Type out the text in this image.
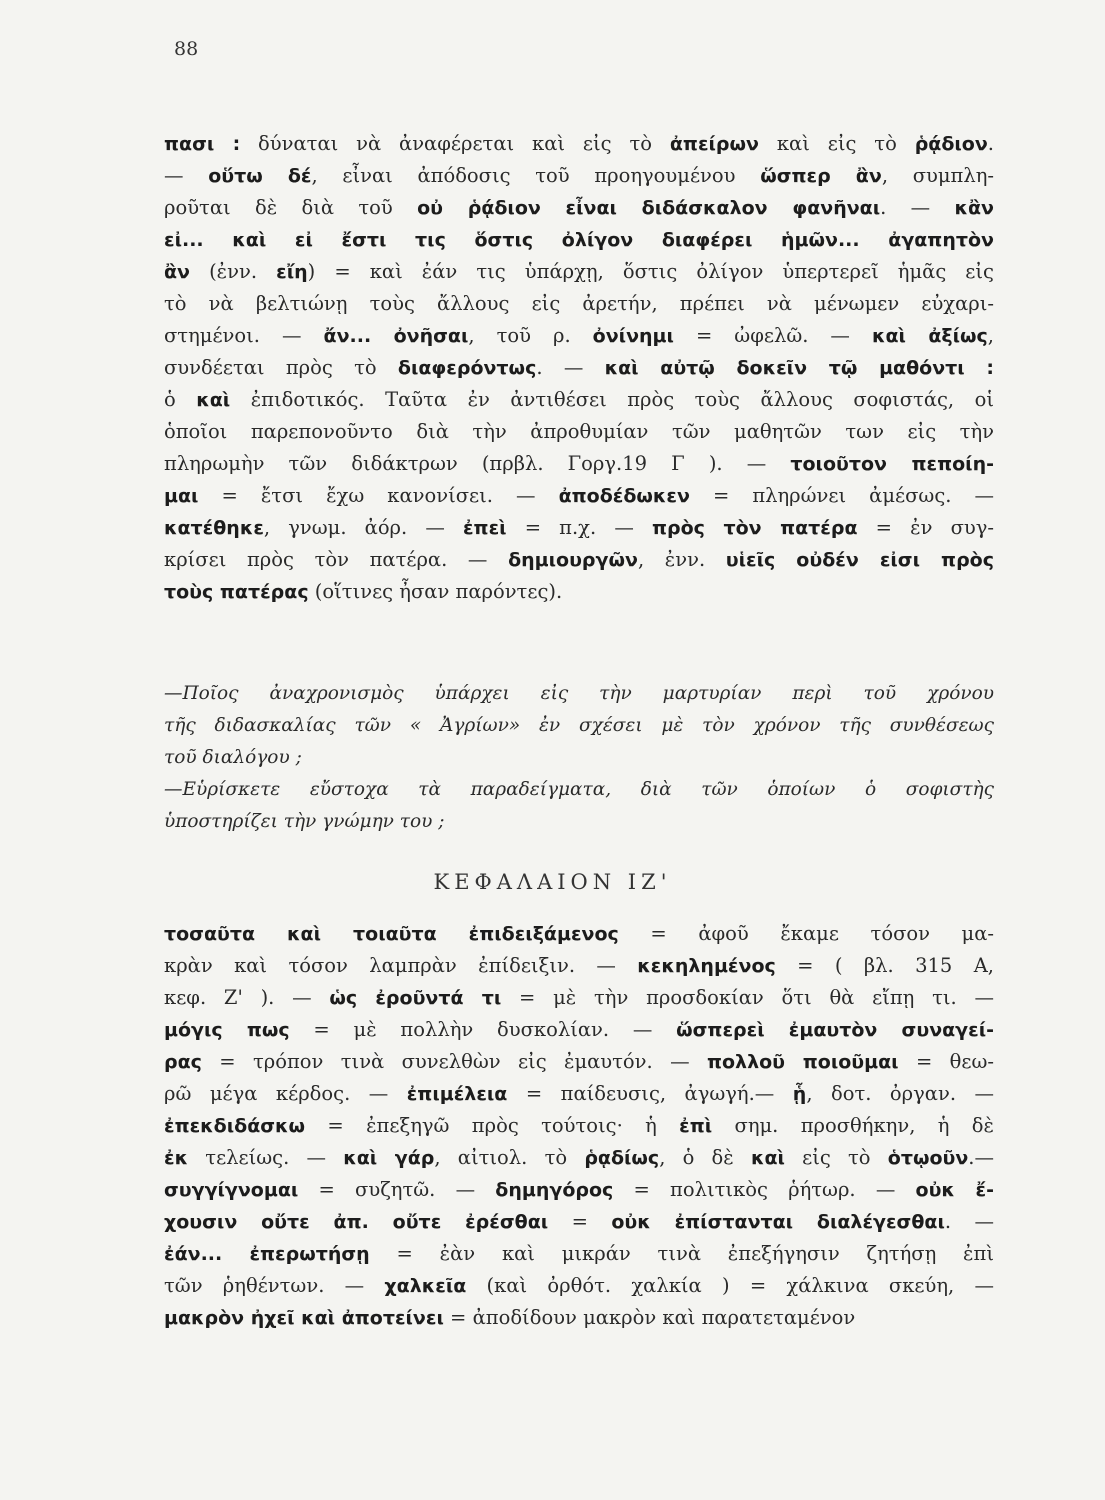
88
πασι : δύναται νὰ ἀναφέρεται καὶ εἰς τὸ ἀπείρων καὶ εἰς τὸ ῥᾴδιον.
— οὕτω δέ, εἶναι ἀπόδοσις τοῦ προηγουμένου ὥσπερ ἂν, συμπλη-
ροῦται δὲ διὰ τοῦ οὐ ῥᾴδιον εἶναι διδάσκαλον φανῆναι. — κἂν
εἰ... καὶ εἰ ἔστι τις ὅστις ὀλίγον διαφέρει ἡμῶν... ἀγαπητὸν
ἂν (ἐνν. εἴη) = καὶ ἐάν τις ὑπάρχῃ, ὅστις ὀλίγον ὑπερτερεῖ ἡμᾶς εἰς
τὸ νὰ βελτιώνῃ τοὺς ἄλλους εἰς ἀρετήν, πρέπει νὰ μένωμεν εὐχαρι-
στημένοι. — ἄν... ὀνῆσαι, τοῦ ρ. ὀνίνημι = ὠφελῶ. — καὶ ἀξίως,
συνδέεται πρὸς τὸ διαφερόντως. — καὶ αὐτῷ δοκεῖν τῷ μαθόντι :
ὁ καὶ ἐπιδοτικός. Ταῦτα ἐν ἀντιθέσει πρὸς τοὺς ἄλλους σοφιστάς, οἱ
ὁποῖοι παρεπονοῦντο διὰ τὴν ἀπροθυμίαν τῶν μαθητῶν των εἰς τὴν
πληρωμὴν τῶν διδάκτρων (πρβλ. Γοργ.19 Γ ). — τοιοῦτον πεποίη-
μαι = ἔτσι ἔχω κανονίσει. — ἀποδέδωκεν = πληρώνει ἀμέσως. —
κατέθηκε, γνωμ. ἀόρ. — ἐπεὶ = π.χ. — πρὸς τὸν πατέρα = ἐν συγ-
κρίσει πρὸς τὸν πατέρα. — δημιουργῶν, ἐνν. υἱεῖς οὐδέν εἰσι πρὸς
τοὺς πατέρας (οἵτινες ἦσαν παρόντες).
—Ποῖος ἀναχρονισμὸς ὑπάρχει εἰς τὴν μαρτυρίαν περὶ τοῦ χρόνου
τῆς διδασκαλίας τῶν « Ἀγρίων» ἐν σχέσει μὲ τὸν χρόνον τῆς συνθέσεως
τοῦ διαλόγου ;
—Εὑρίσκετε εὔστοχα τὰ παραδείγματα, διὰ τῶν ὁποίων ὁ σοφιστὴς
ὑποστηρίζει τὴν γνώμην του ;
ΚΕΦΑΛΑΙΟΝ ΙΖ'
τοσαῦτα καὶ τοιαῦτα ἐπιδειξάμενος = ἀφοῦ ἔκαμε τόσον μα-
κρὰν καὶ τόσον λαμπρὰν ἐπίδειξιν. — κεκηλημένος = ( βλ. 315 Α,
κεφ. Ζ' ). — ὡς ἐροῦντά τι = μὲ τὴν προσδοκίαν ὅτι θὰ εἴπῃ τι. —
μόγις πως = μὲ πολλὴν δυσκολίαν. — ὥσπερεὶ ἐμαυτὸν συναγεί-
ρας = τρόπον τινὰ συνελθὼν εἰς ἐμαυτόν. — πολλοῦ ποιοῦμαι = θεω-
ρῶ μέγα κέρδος. — ἐπιμέλεια = παίδευσις, ἀγωγή.— ᾗ, δοτ. ὀργαν. —
ἐπεκδιδάσκω = ἐπεξηγῶ πρὸς τούτοις· ἡ ἐπὶ σημ. προσθήκην, ἡ δὲ
ἐκ τελείως. — καὶ γάρ, αἰτιολ. τὸ ῥᾳδίως, ὁ δὲ καὶ εἰς τὸ ὁτῳοῦν.—
συγγίγνομαι = συζητῶ. — δημηγόρος = πολιτικὸς ῥήτωρ. — οὐκ ἔ-
χουσιν οὔτε ἀπ. οὔτε ἐρέσθαι = οὐκ ἐπίστανται διαλέγεσθαι. —
ἐάν... ἐπερωτήσῃ = ἐὰν καὶ μικράν τινὰ ἐπεξήγησιν ζητήσῃ ἐπὶ
τῶν ῥηθέντων. — χαλκεῖα (καὶ ὀρθότ. χαλκία ) = χάλκινα σκεύη, —
μακρὸν ἠχεῖ καὶ ἀποτείνει = ἀποδίδουν μακρὸν καὶ παρατεταμένον
